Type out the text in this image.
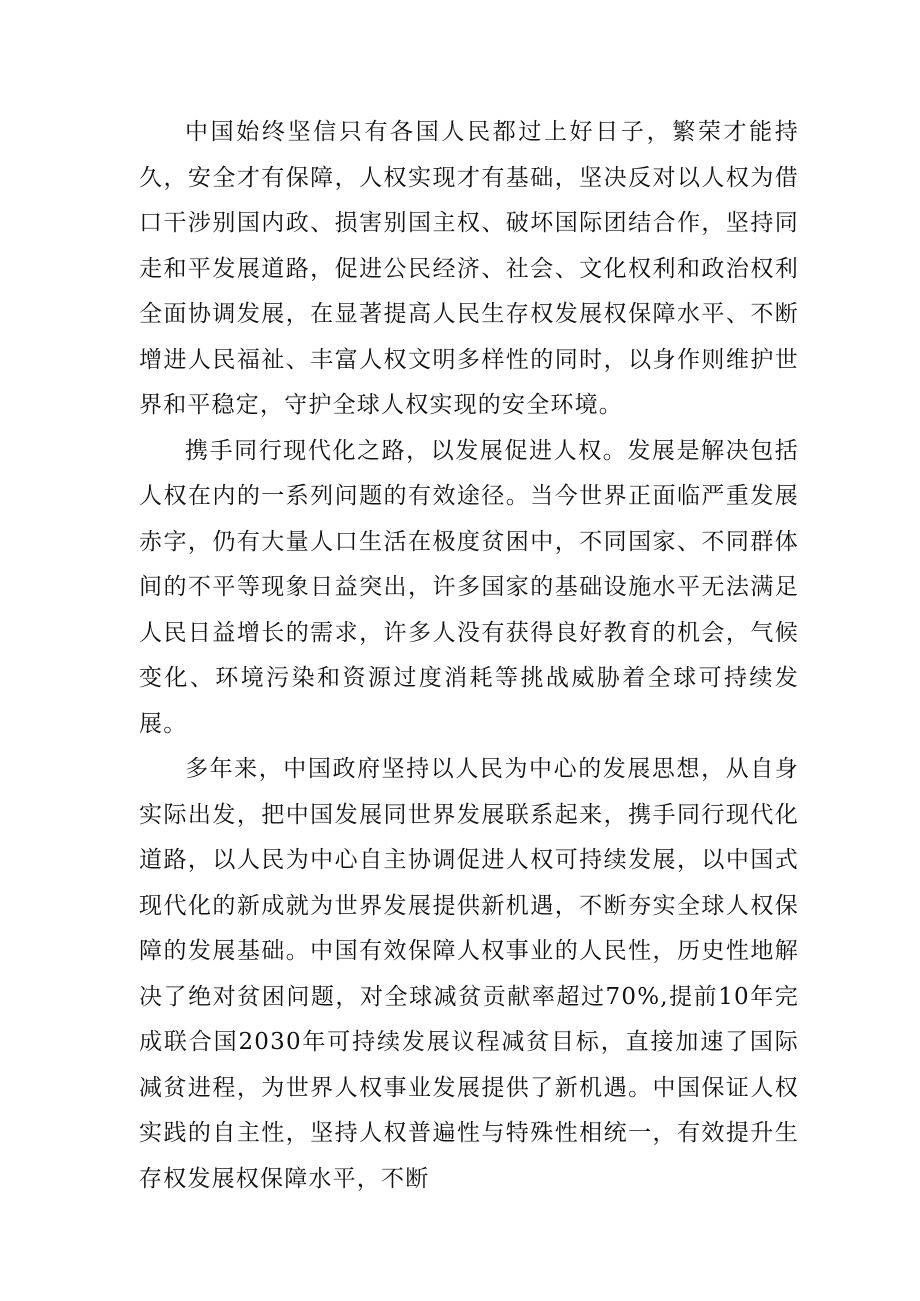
中国始终坚信只有各国人民都过上好日子，繁荣才能持久，安全才有保障，人权实现才有基础，坚决反对以人权为借口干涉别国内政、损害别国主权、破坏国际团结合作，坚持同走和平发展道路，促进公民经济、社会、文化权利和政治权利全面协调发展，在显著提高人民生存权发展权保障水平、不断增进人民福祉、丰富人权文明多样性的同时，以身作则维护世界和平稳定，守护全球人权实现的安全环境。

携手同行现代化之路，以发展促进人权。发展是解决包括人权在内的一系列问题的有效途径。当今世界正面临严重发展赤字，仍有大量人口生活在极度贫困中，不同国家、不同群体间的不平等现象日益突出，许多国家的基础设施水平无法满足人民日益增长的需求，许多人没有获得良好教育的机会，气候变化、环境污染和资源过度消耗等挑战威胁着全球可持续发展。

多年来，中国政府坚持以人民为中心的发展思想，从自身实际出发，把中国发展同世界发展联系起来，携手同行现代化道路，以人民为中心自主协调促进人权可持续发展，以中国式现代化的新成就为世界发展提供新机遇，不断夯实全球人权保障的发展基础。中国有效保障人权事业的人民性，历史性地解决了绝对贫困问题，对全球减贫贡献率超过70%,提前10年完成联合国2030年可持续发展议程减贫目标，直接加速了国际减贫进程，为世界人权事业发展提供了新机遇。中国保证人权实践的自主性，坚持人权普遍性与特殊性相统一，有效提升生存权发展权保障水平，不断
